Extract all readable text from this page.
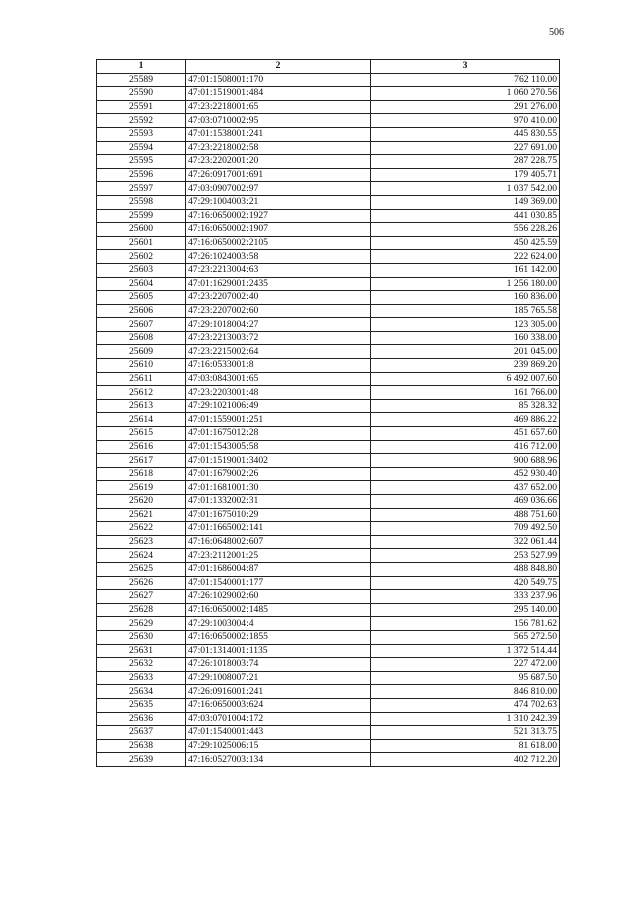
506
1	2	3
25589	47:01:1508001:170	762 110.00
25590	47:01:1519001:484	1 060 270.56
25591	47:23:2218001:65	291 276.00
25592	47:03:0710002:95	970 410.00
25593	47:01:1538001:241	445 830.55
25594	47:23:2218002:58	227 691.00
25595	47:23:2202001:20	287 228.75
25596	47:26:0917001:691	179 405.71
25597	47:03:0907002:97	1 037 542.00
25598	47:29:1004003:21	149 369.00
25599	47:16:0650002:1927	441 030.85
25600	47:16:0650002:1907	556 228.26
25601	47:16:0650002:2105	450 425.59
25602	47:26:1024003:58	222 624.00
25603	47:23:2213004:63	161 142.00
25604	47:01:1629001:2435	1 256 180.00
25605	47:23:2207002:40	160 836.00
25606	47:23:2207002:60	185 765.58
25607	47:29:1018004:27	123 305.00
25608	47:23:2213003:72	160 338.00
25609	47:23:2215002:64	201 045.00
25610	47:16:0533001:8	239 869.20
25611	47:03:0843001:65	6 492 007.60
25612	47:23:2203001:48	161 766.00
25613	47:29:1021006:49	85 328.32
25614	47:01:1559001:251	469 886.22
25615	47:01:1675012:28	451 657.60
25616	47:01:1543005:58	416 712.00
25617	47:01:1519001:3402	900 688.96
25618	47:01:1679002:26	452 930.40
25619	47:01:1681001:30	437 652.00
25620	47:01:1332002:31	469 036.66
25621	47:01:1675010:29	488 751.60
25622	47:01:1665002:141	709 492.50
25623	47:16:0648002:607	322 061.44
25624	47:23:2112001:25	253 527.99
25625	47:01:1686004:87	488 848.80
25626	47:01:1540001:177	420 549.75
25627	47:26:1029002:60	333 237.96
25628	47:16:0650002:1485	295 140.00
25629	47:29:1003004:4	156 781.62
25630	47:16:0650002:1855	565 272.50
25631	47:01:1314001:1135	1 372 514.44
25632	47:26:1018003:74	227 472.00
25633	47:29:1008007:21	95 687.50
25634	47:26:0916001:241	846 810.00
25635	47:16:0650003:624	474 702.63
25636	47:03:0701004:172	1 310 242.39
25637	47:01:1540001:443	521 313.75
25638	47:29:1025006:15	81 618.00
25639	47:16:0527003:134	402 712.20
